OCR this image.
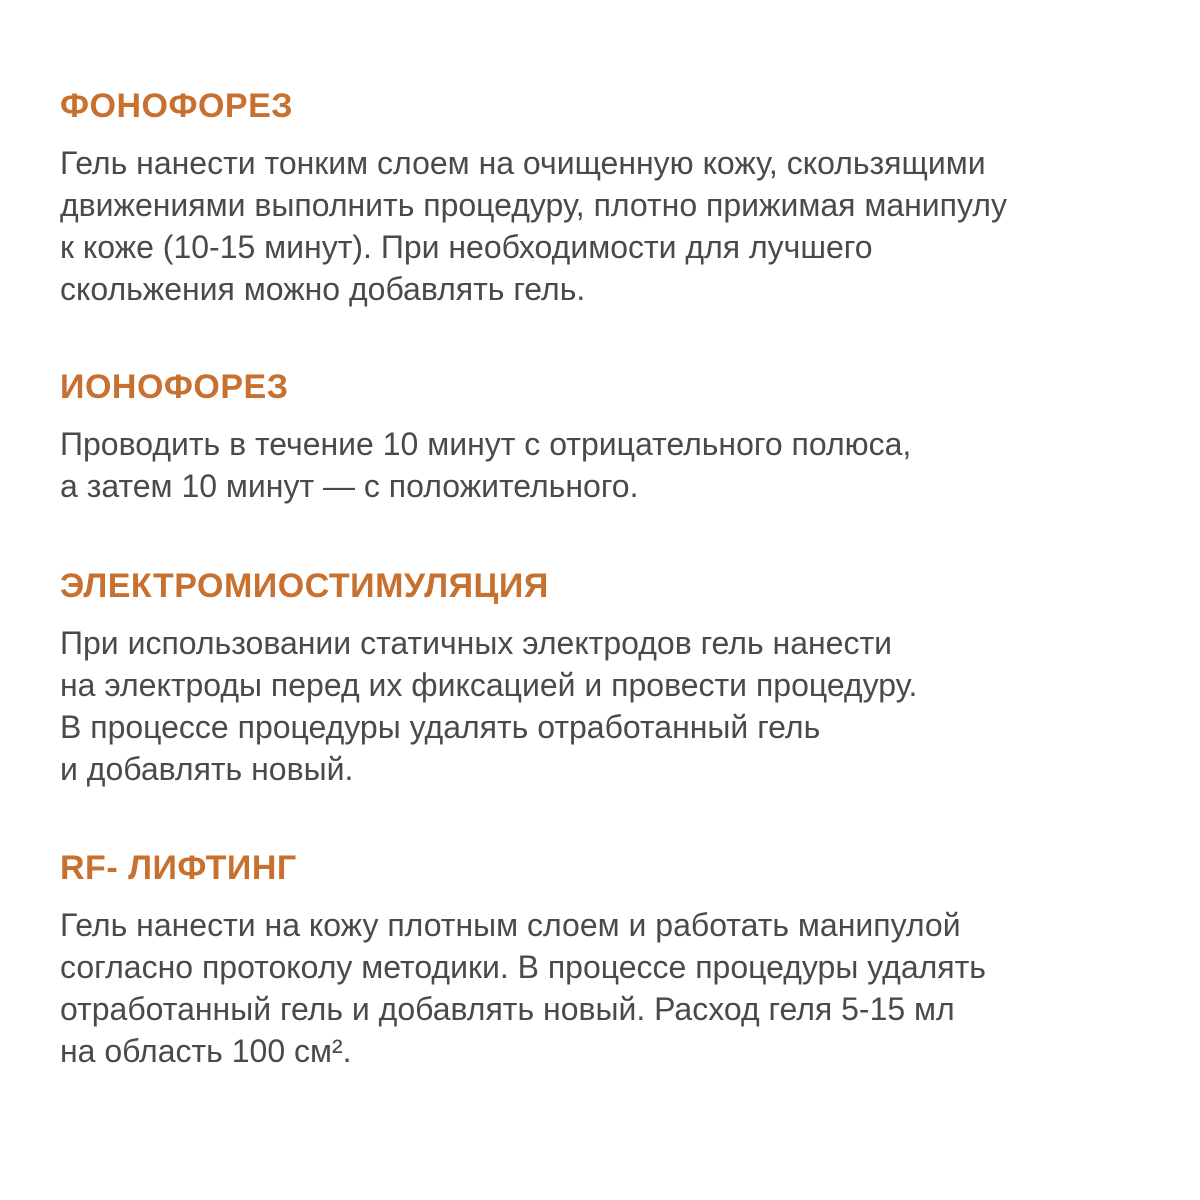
ФОНОФОРЕЗ
Гель нанести тонким слоем на очищенную кожу, скользящими
движениями выполнить процедуру, плотно прижимая манипулу
к коже (10-15 минут). При необходимости для лучшего
скольжения можно добавлять гель.
ИОНОФОРЕЗ
Проводить в течение 10 минут с отрицательного полюса,
а затем 10 минут — с положительного.
ЭЛЕКТРОМИОСТИМУЛЯЦИЯ
При использовании статичных электродов гель нанести
на электроды перед их фиксацией и провести процедуру.
В процессе процедуры удалять отработанный гель
и добавлять новый.
RF- ЛИФТИНГ
Гель нанести на кожу плотным слоем и работать манипулой
согласно протоколу методики. В процессе процедуры удалять
отработанный гель и добавлять новый. Расход геля 5-15 мл
на область 100 см².
